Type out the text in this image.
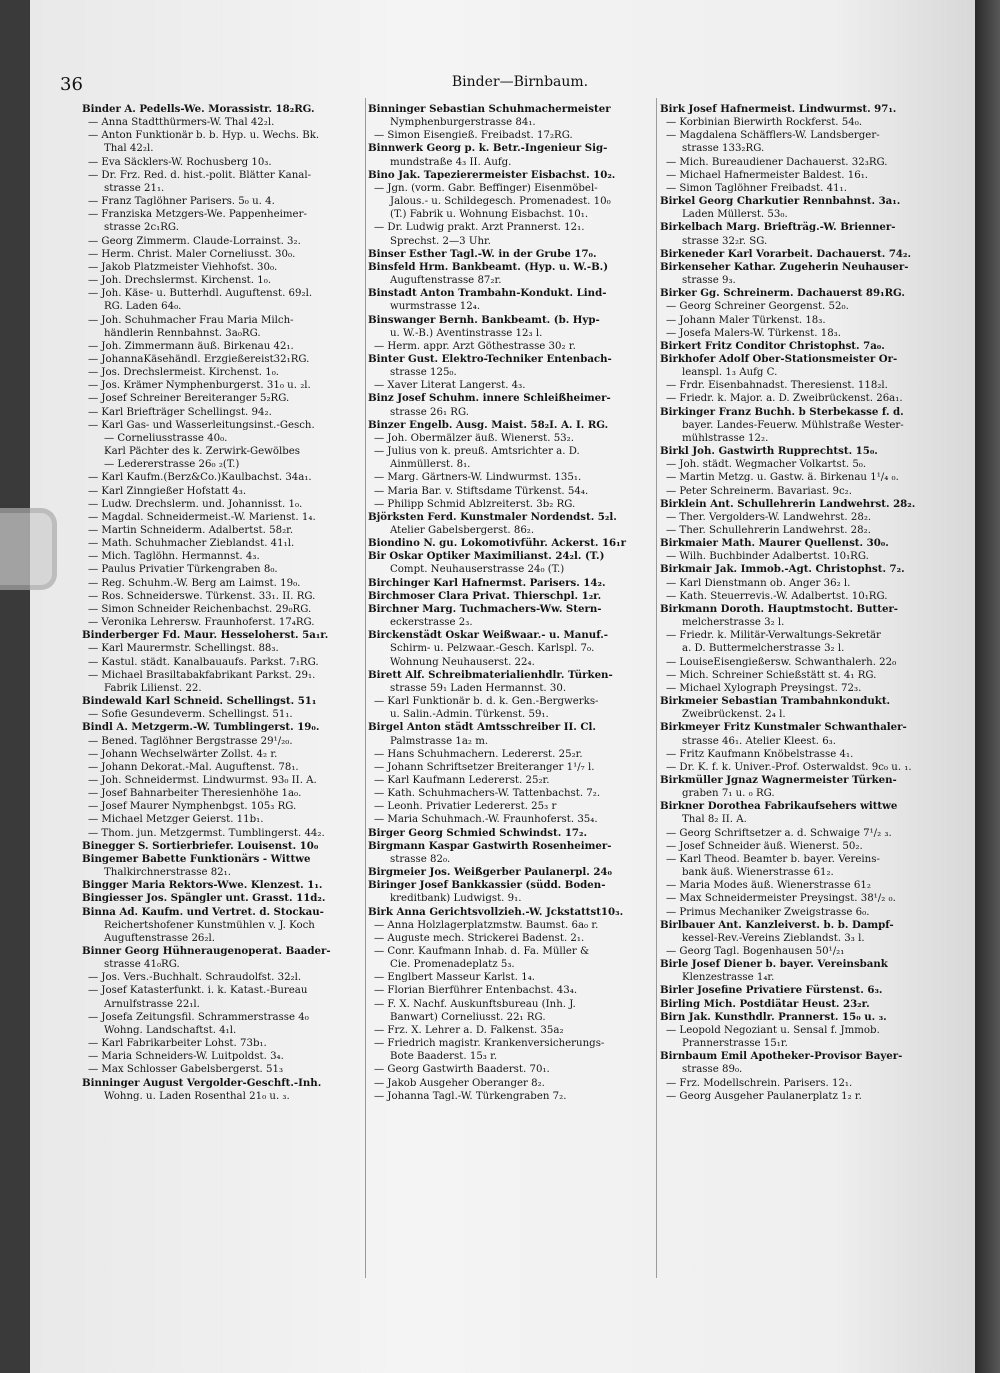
36	Binder—Birnbaum.
Binder A. Pedells-We. Morassistr. 18₂RG.
— Anna Stadtthürmers-W. Thal 42₂l.
— Anton Funktionär b. b. Hyp. u. Wechs. Bk.
Thal 42₂l.
— Eva Säcklers-W. Rochusberg 10₃.
— Dr. Frz. Red. d. hist.-polit. Blätter Kanal-
strasse 21₁.
— Franz Taglöhner Parisers. 5₀ u. 4.
— Franziska Metzgers-We. Pappenheimer-
strasse 2c₁RG.
— Georg Zimmerm. Claude-Lorrainst. 3₂.
— Herm. Christ. Maler Corneliusst. 30₀.
— Jakob Platzmeister Viehhofst. 30₀.
— Joh. Drechslermst. Kirchenst. 1₀.
— Joh. Käse- u. Butterhdl. Auguftenst. 69₂l.
RG. Laden 64₀.
— Joh. Schuhmacher Frau Maria Milch-
händlerin Rennbahnst. 3a₀RG.
— Joh. Zimmermann äuß. Birkenau 42₁.
— JohannaKäsehändl. Erzgießereist32₁RG.
— Jos. Drechslermeist. Kirchenst. 1₀.
— Jos. Krämer Nymphenburgerst. 31₀ u. ₂l.
— Josef Schreiner Bereiteranger 5₂RG.
— Karl Briefträger Schellingst. 94₂.
— Karl Gas- und Wasserleitungsinst.-Gesch.
— Corneliusstrasse 40₀.
Karl Pächter des k. Zerwirk-Gewölbes
— Ledererstrasse 26₀ ₂(T.)
— Karl Kaufm.(Berz&Co.)Kaulbachst. 34a₁.
— Karl Zinngießer Hofstatt 4₃.
— Ludw. Drechslerm. und. Johannisst. 1₀.
— Magdal. Schneidermeist.-W. Marienst. 1₄.
— Martin Schneiderm. Adalbertst. 58₂r.
— Math. Schuhmacher Zieblandst. 41₁l.
— Mich. Taglöhn. Hermannst. 4₃.
— Paulus Privatier Türkengraben 8₀.
— Reg. Schuhm.-W. Berg am Laimst. 19₀.
— Ros. Schneiderswe. Türkenst. 33₁. II. RG.
— Simon Schneider Reichenbachst. 29₀RG.
— Veronika Lehrersw. Fraunhoferst. 17₄RG.
Binderberger Fd. Maur. Hesseloherst. 5a₁r.
— Karl Maurermstr. Schellingst. 88₃.
— Kastul. städt. Kanalbauaufs. Parkst. 7₁RG.
— Michael Brasiltabakfabrikant Parkst. 29₁.
Fabrik Lilienst. 22.
Bindewald Karl Schneid. Schellingst. 51₁
— Sofie Gesundeverm. Schellingst. 51₁.
Bindl A. Metzgerm.-W. Tumblingerst. 19₀.
— Bened. Taglöhner Bergstrasse 29¹/₂₀.
— Johann Wechselwärter Zollst. 4₂ r.
— Johann Dekorat.-Mal. Auguftenst. 78₁.
— Joh. Schneidermst. Lindwurmst. 93₀ II. A.
— Josef Bahnarbeiter Theresienhöhe 1a₀.
— Josef Maurer Nymphenbgst. 105₃ RG.
— Michael Metzger Geierst. 11b₁.
— Thom. jun. Metzgermst. Tumblingerst. 44₂.
Binegger S. Sortierbriefer. Louisenst. 10₀
Bingemer Babette Funktionärs - Wittwe
Thalkirchnerstrasse 82₁.
Bingger Maria Rektors-Wwe. Klenzest. 1₁.
Bingiesser Jos. Spängler unt. Grasst. 11d₂.
Binna Ad. Kaufm. und Vertret. d. Stockau-
Reichertshofener Kunstmühlen v. J. Koch
Auguftenstrasse 26₂l.
Binner Georg Hühneraugenoperat. Baader-
strasse 41₀RG.
— Jos. Vers.-Buchhalt. Schraudolfst. 32₂l.
— Josef Katasterfunkt. i. k. Katast.-Bureau
Arnulfstrasse 22₁l.
— Josefa Zeitungsfil. Schrammerstrasse 4₀
Wohng. Landschaftst. 4₁l.
— Karl Fabrikarbeiter Lohst. 73b₁.
— Maria Schneiders-W. Luitpoldst. 3₄.
— Max Schlosser Gabelsbergerst. 51₃
Binninger August Vergolder-Geschft.-Inh.
Wohng. u. Laden Rosenthal 21₀ u. ₃.
Binninger Sebastian Schuhmachermeister
Nymphenburgerstrasse 84₁.
— Simon Eisengieß. Freibadst. 17₂RG.
Binnwerk Georg p. k. Betr.-Ingenieur Sig-
mundstraße 4₃ II. Aufg.
Bino Jak. Tapezierermeister Eisbachst. 10₂.
— Jgn. (vorm. Gabr. Beffinger) Eisenmöbel-
Jalous.- u. Schildegesch. Promenadest. 10₀
(T.) Fabrik u. Wohnung Eisbachst. 10₁.
— Dr. Ludwig prakt. Arzt Prannerst. 12₁.
Sprechst. 2—3 Uhr.
Binser Esther Tagl.-W. in der Grube 17₀.
Binsfeld Hrm. Bankbeamt. (Hyp. u. W.-B.)
Auguftenstrasse 87₂r.
Binstadt Anton Trambahn-Kondukt. Lind-
wurmstrasse 12₄.
Binswanger Bernh. Bankbeamt. (b. Hyp-
u. W.-B.) Aventinstrasse 12₃ l.
— Herm. appr. Arzt Göthestrasse 30₂ r.
Binter Gust. Elektro-Techniker Entenbach-
strasse 125₀.
— Xaver Literat Langerst. 4₃.
Binz Josef Schuhm. innere Schleißheimer-
strasse 26₁ RG.
Binzer Engelb. Ausg. Maist. 58₂I. A. I. RG.
— Joh. Obermälzer äuß. Wienerst. 53₂.
— Julius von k. preuß. Amtsrichter a. D.
Ainmüllerst. 8₁.
— Marg. Gärtners-W. Lindwurmst. 135₁.
— Maria Bar. v. Stiftsdame Türkenst. 54₄.
— Philipp Schmid Ablzreiterst. 3b₂ RG.
Björksten Ferd. Kunstmaler Nordendst. 5₂l.
Atelier Gabelsbergerst. 86₂.
Biondino N. gu. Lokomotivführ. Ackerst. 16₁r
Bir Oskar Optiker Maximilianst. 24₂l. (T.)
Compt. Neuhauserstrasse 24₀ (T.)
Birchinger Karl Hafnermst. Parisers. 14₂.
Birchmoser Clara Privat. Thierschpl. 1₂r.
Birchner Marg. Tuchmachers-Ww. Stern-
eckerstrasse 2₃.
Birckenstädt Oskar Weißwaar.- u. Manuf.-
Schirm- u. Pelzwaar.-Gesch. Karlspl. 7₀.
Wohnung Neuhauserst. 22₄.
Birett Alf. Schreibmaterialienhdlr. Türken-
strasse 59₁ Laden Hermannst. 30.
— Karl Funktionär b. d. k. Gen.-Bergwerks-
u. Salin.-Admin. Türkenst. 59₁.
Birgel Anton städt Amtsschreiber II. Cl.
Palmstrasse 1a₂ m.
— Hans Schuhmachern. Ledererst. 25₂r.
— Johann Schriftsetzer Breiteranger 1¹/₇ l.
— Karl Kaufmann Ledererst. 25₂r.
— Kath. Schuhmachers-W. Tattenbachst. 7₂.
— Leonh. Privatier Ledererst. 25₃ r
— Maria Schuhmach.-W. Fraunhoferst. 35₄.
Birger Georg Schmied Schwindst. 17₂.
Birgmann Kaspar Gastwirth Rosenheimer-
strasse 82₀.
Birgmeier Jos. Weißgerber Paulanerpl. 24₀
Biringer Josef Bankkassier (südd. Boden-
kreditbank) Ludwigst. 9₁.
Birk Anna Gerichtsvollzieh.-W. Jckstattst10₃.
— Anna Holzlagerplatzmstw. Baumst. 6a₀ r.
— Auguste mech. Strickerei Badenst. 2₁.
— Conr. Kaufmann Inhab. d. Fa. Müller &
Cie. Promenadeplatz 5₃.
— Englbert Masseur Karlst. 1₄.
— Florian Bierführer Entenbachst. 43₄.
— F. X. Nachf. Auskunftsbureau (Inh. J.
Banwart) Corneliusst. 22₁ RG.
— Frz. X. Lehrer a. D. Falkenst. 35a₂
— Friedrich magistr. Krankenversicherungs-
Bote Baaderst. 15₃ r.
— Georg Gastwirth Baaderst. 70₁.
— Jakob Ausgeher Oberanger 8₂.
— Johanna Tagl.-W. Türkengraben 7₂.
Birk Josef Hafnermeist. Lindwurmst. 97₁.
— Korbinian Bierwirth Rockferst. 54₀.
— Magdalena Schäfflers-W. Landsberger-
strasse 133₂RG.
— Mich. Bureaudiener Dachauerst. 32₃RG.
— Michael Hafnermeister Baldest. 16₁.
— Simon Taglöhner Freibadst. 41₁.
Birkel Georg Charkutier Rennbahnst. 3a₁.
Laden Müllerst. 53₀.
Birkelbach Marg. Briefträg.-W. Brienner-
strasse 32₂r. SG.
Birkeneder Karl Vorarbeit. Dachauerst. 74₂.
Birkenseher Kathar. Zugeherin Neuhauser-
strasse 9₃.
Birker Gg. Schreinerm. Dachauerst 89₁RG.
— Georg Schreiner Georgenst. 52₀.
— Johann Maler Türkenst. 18₃.
— Josefa Malers-W. Türkenst. 18₃.
Birkert Fritz Conditor Christophst. 7a₀.
Birkhofer Adolf Ober-Stationsmeister Or-
leanspl. 1₃ Aufg C.
— Frdr. Eisenbahnadst. Theresienst. 118₂l.
— Friedr. k. Major. a. D. Zweibrückenst. 26a₁.
Birkinger Franz Buchh. b Sterbekasse f. d.
bayer. Landes-Feuerw. Mühlstraße Wester-
mühlstrasse 12₂.
Birkl Joh. Gastwirth Rupprechtst. 15₀.
— Joh. städt. Wegmacher Volkartst. 5₀.
— Martin Metzg. u. Gastw. ä. Birkenau 1¹/₄ ₀.
— Peter Schreinerm. Bavariast. 9c₂.
Birklein Ant. Schullehrerin Landwehrst. 28₂.
— Ther. Vergolders-W. Landwehrst. 28₂.
— Ther. Schullehrerin Landwehrst. 28₂.
Birkmaier Math. Maurer Quellenst. 30₀.
— Wilh. Buchbinder Adalbertst. 10₁RG.
Birkmair Jak. Immob.-Agt. Christophst. 7₂.
— Karl Dienstmann ob. Anger 36₂ l.
— Kath. Steuerrevis.-W. Adalbertst. 10₁RG.
Birkmann Doroth. Hauptmstocht. Butter-
melcherstrasse 3₂ l.
— Friedr. k. Militär-Verwaltungs-Sekretär
a. D. Buttermelcherstrasse 3₂ l.
— LouiseEisengießersw. Schwanthalerh. 22₀
— Mich. Schreiner Schießstätt st. 4₁ RG.
— Michael Xylograph Preysingst. 72₃.
Birkmeier Sebastian Trambahnkondukt.
Zweibrückenst. 2₄ l.
Birkmeyer Fritz Kunstmaler Schwanthaler-
strasse 46₁. Atelier Kleest. 6₃.
— Fritz Kaufmann Knöbelstrasse 4₁.
— Dr. K. f. k. Univer.-Prof. Osterwaldst. 9c₀ u. ₁.
Birkmüller Jgnaz Wagnermeister Türken-
graben 7₁ u. ₀ RG.
Birkner Dorothea Fabrikaufsehers wittwe
Thal 8₂ II. A.
— Georg Schriftsetzer a. d. Schwaige 7¹/₂ ₃.
— Josef Schneider äuß. Wienerst. 50₂.
— Karl Theod. Beamter b. bayer. Vereins-
bank äuß. Wienerstrasse 61₂.
— Maria Modes äuß. Wienerstrasse 61₂
— Max Schneidermeister Preysingst. 38¹/₂ ₀.
— Primus Mechaniker Zweigstrasse 6₀.
Birlbauer Ant. Kanzleiverst. b. b. Dampf-
kessel-Rev.-Vereins Zieblandst. 3₃ l.
— Georg Tagl. Bogenhausen 50¹/₂₁
Birle Josef Diener b. bayer. Vereinsbank
Klenzestrasse 1₄r.
Birler Josefine Privatiere Fürstenst. 6₃.
Birling Mich. Postdiätar Heust. 23₂r.
Birn Jak. Kunsthdlr. Prannerst. 15₀ u. ₃.
— Leopold Negoziant u. Sensal f. Jmmob.
Prannerstrasse 15₁r.
Birnbaum Emil Apotheker-Provisor Bayer-
strasse 89₀.
— Frz. Modellschrein. Parisers. 12₁.
— Georg Ausgeher Paulanerplatz 1₂ r.
